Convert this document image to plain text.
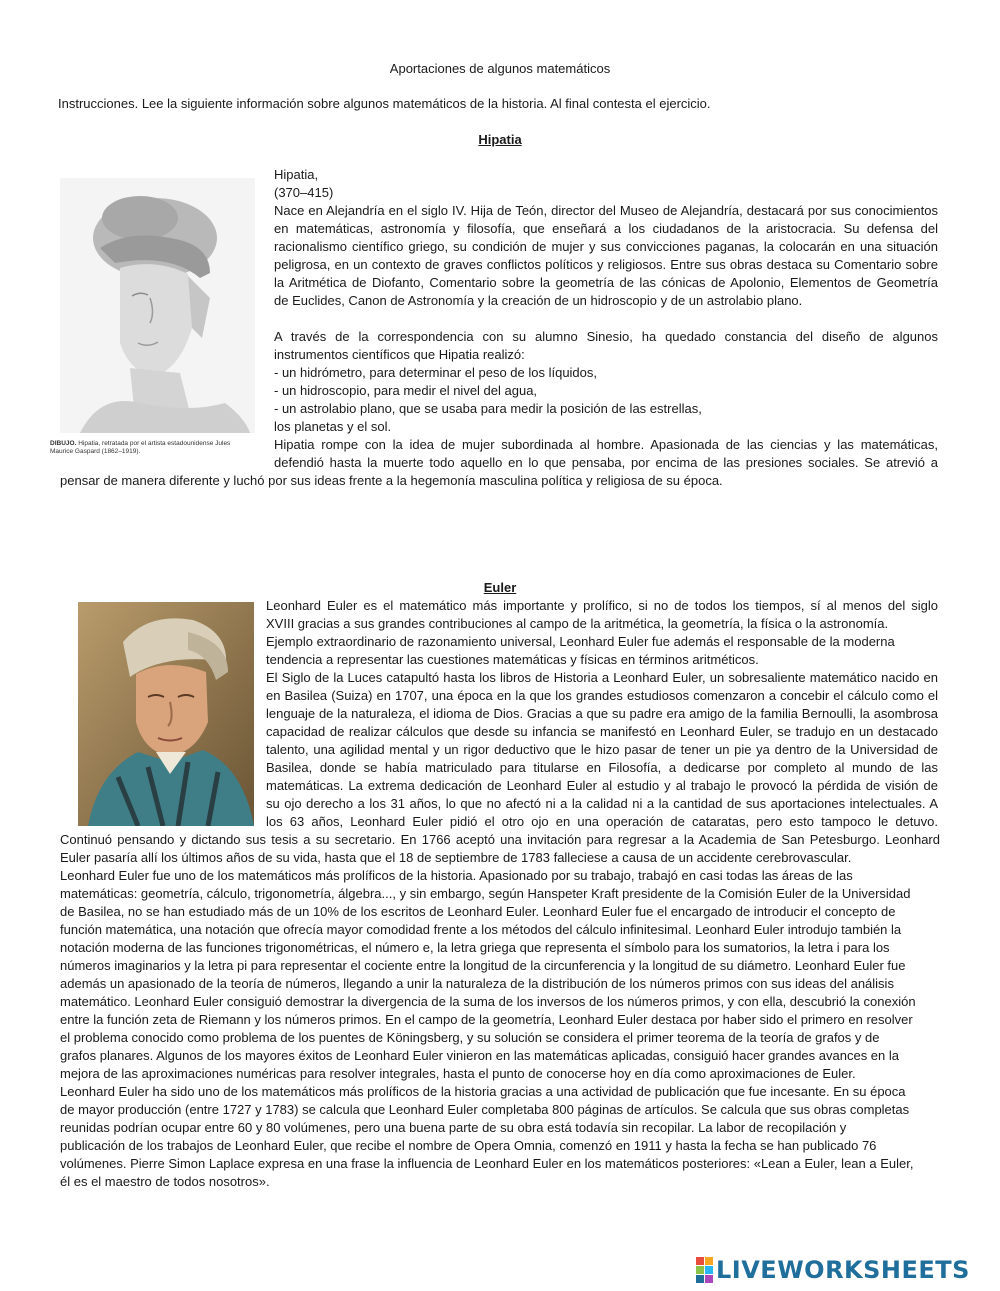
Aportaciones de algunos matemáticos
Instrucciones. Lee la siguiente información sobre algunos matemáticos de la historia. Al final contesta el ejercicio.
Hipatia
DIBUJO. Hipatia, retratada por el artista estadounidense Jules
Maurice Gaspard (1862–1919).
Hipatia,
(370–415)
Nace en Alejandría en el siglo IV. Hija de Teón, director del Museo de Alejandría, destacará por sus conocimientos
en matemáticas, astronomía y filosofía, que enseñará a los ciudadanos de la aristocracia. Su defensa del
racionalismo científico griego, su condición de mujer y sus convicciones paganas, la colocarán en una situación
peligrosa, en un contexto de graves conflictos políticos y religiosos. Entre sus obras destaca su Comentario sobre
la Aritmética de Diofanto, Comentario sobre la geometría de las cónicas de Apolonio, Elementos de Geometría
de Euclides, Canon de Astronomía y la creación de un hidroscopio y de un astrolabio plano.
A través de la correspondencia con su alumno Sinesio, ha quedado constancia del diseño de algunos
instrumentos científicos que Hipatia realizó:
- un hidrómetro, para determinar el peso de los líquidos,
- un hidroscopio, para medir el nivel del agua,
- un astrolabio plano, que se usaba para medir la posición de las estrellas,
los planetas y el sol.
Hipatia rompe con la idea de mujer subordinada al hombre. Apasionada de las ciencias y las matemáticas,
defendió hasta la muerte todo aquello en lo que pensaba, por encima de las presiones sociales. Se atrevió a
pensar de manera diferente y luchó por sus ideas frente a la hegemonía masculina política y religiosa de su época.
Euler
Leonhard Euler es el matemático más importante y prolífico, si no de todos los tiempos, sí al menos del siglo
XVIII gracias a sus grandes contribuciones al campo de la aritmética, la geometría, la física o la astronomía.
Ejemplo extraordinario de razonamiento universal, Leonhard Euler fue además el responsable de la moderna
tendencia a representar las cuestiones matemáticas y físicas en términos aritméticos.
El Siglo de la Luces catapultó hasta los libros de Historia a Leonhard Euler, un sobresaliente matemático nacido en
en Basilea (Suiza) en 1707, una época en la que los grandes estudiosos comenzaron a concebir el cálculo como el
lenguaje de la naturaleza, el idioma de Dios. Gracias a que su padre era amigo de la familia Bernoulli, la asombrosa
capacidad de realizar cálculos que desde su infancia se manifestó en Leonhard Euler, se tradujo en un destacado
talento, una agilidad mental y un rigor deductivo que le hizo pasar de tener un pie ya dentro de la Universidad de
Basilea, donde se había matriculado para titularse en Filosofía, a dedicarse por completo al mundo de las
matemáticas. La extrema dedicación de Leonhard Euler al estudio y al trabajo le provocó la pérdida de visión de
su ojo derecho a los 31 años, lo que no afectó ni a la calidad ni a la cantidad de sus aportaciones intelectuales. A
los 63 años, Leonhard Euler pidió el otro ojo en una operación de cataratas, pero esto tampoco le detuvo.
Continuó pensando y dictando sus tesis a su secretario. En 1766 aceptó una invitación para regresar a la Academia de San Petesburgo. Leonhard
Euler pasaría allí los últimos años de su vida, hasta que el 18 de septiembre de 1783 falleciese a causa de un accidente cerebrovascular.
Leonhard Euler fue uno de los matemáticos más prolíficos de la historia. Apasionado por su trabajo, trabajó en casi todas las áreas de las
matemáticas: geometría, cálculo, trigonometría, álgebra..., y sin embargo, según Hanspeter Kraft presidente de la Comisión Euler de la Universidad
de Basilea, no se han estudiado más de un 10% de los escritos de Leonhard Euler. Leonhard Euler fue el encargado de introducir el concepto de
función matemática, una notación que ofrecía mayor comodidad frente a los métodos del cálculo infinitesimal. Leonhard Euler introdujo también la
notación moderna de las funciones trigonométricas, el número e, la letra griega que representa el símbolo para los sumatorios, la letra i para los
números imaginarios y la letra pi para representar el cociente entre la longitud de la circunferencia y la longitud de su diámetro. Leonhard Euler fue
además un apasionado de la teoría de números, llegando a unir la naturaleza de la distribución de los números primos con sus ideas del análisis
matemático. Leonhard Euler consiguió demostrar la divergencia de la suma de los inversos de los números primos, y con ella, descubrió la conexión
entre la función zeta de Riemann y los números primos. En el campo de la geometría, Leonhard Euler destaca por haber sido el primero en resolver
el problema conocido como problema de los puentes de Köningsberg, y su solución se considera el primer teorema de la teoría de grafos y de
grafos planares. Algunos de los mayores éxitos de Leonhard Euler vinieron en las matemáticas aplicadas, consiguió hacer grandes avances en la
mejora de las aproximaciones numéricas para resolver integrales, hasta el punto de conocerse hoy en día como aproximaciones de Euler.
Leonhard Euler ha sido uno de los matemáticos más prolíficos de la historia gracias a una actividad de publicación que fue incesante. En su época
de mayor producción (entre 1727 y 1783) se calcula que Leonhard Euler completaba 800 páginas de artículos. Se calcula que sus obras completas
reunidas podrían ocupar entre 60 y 80 volúmenes, pero una buena parte de su obra está todavía sin recopilar. La labor de recopilación y
publicación de los trabajos de Leonhard Euler, que recibe el nombre de Opera Omnia, comenzó en 1911 y hasta la fecha se han publicado 76
volúmenes. Pierre Simon Laplace expresa en una frase la influencia de Leonhard Euler en los matemáticos posteriores: «Lean a Euler, lean a Euler,
él es el maestro de todos nosotros».
LIVEWORKSHEETS
